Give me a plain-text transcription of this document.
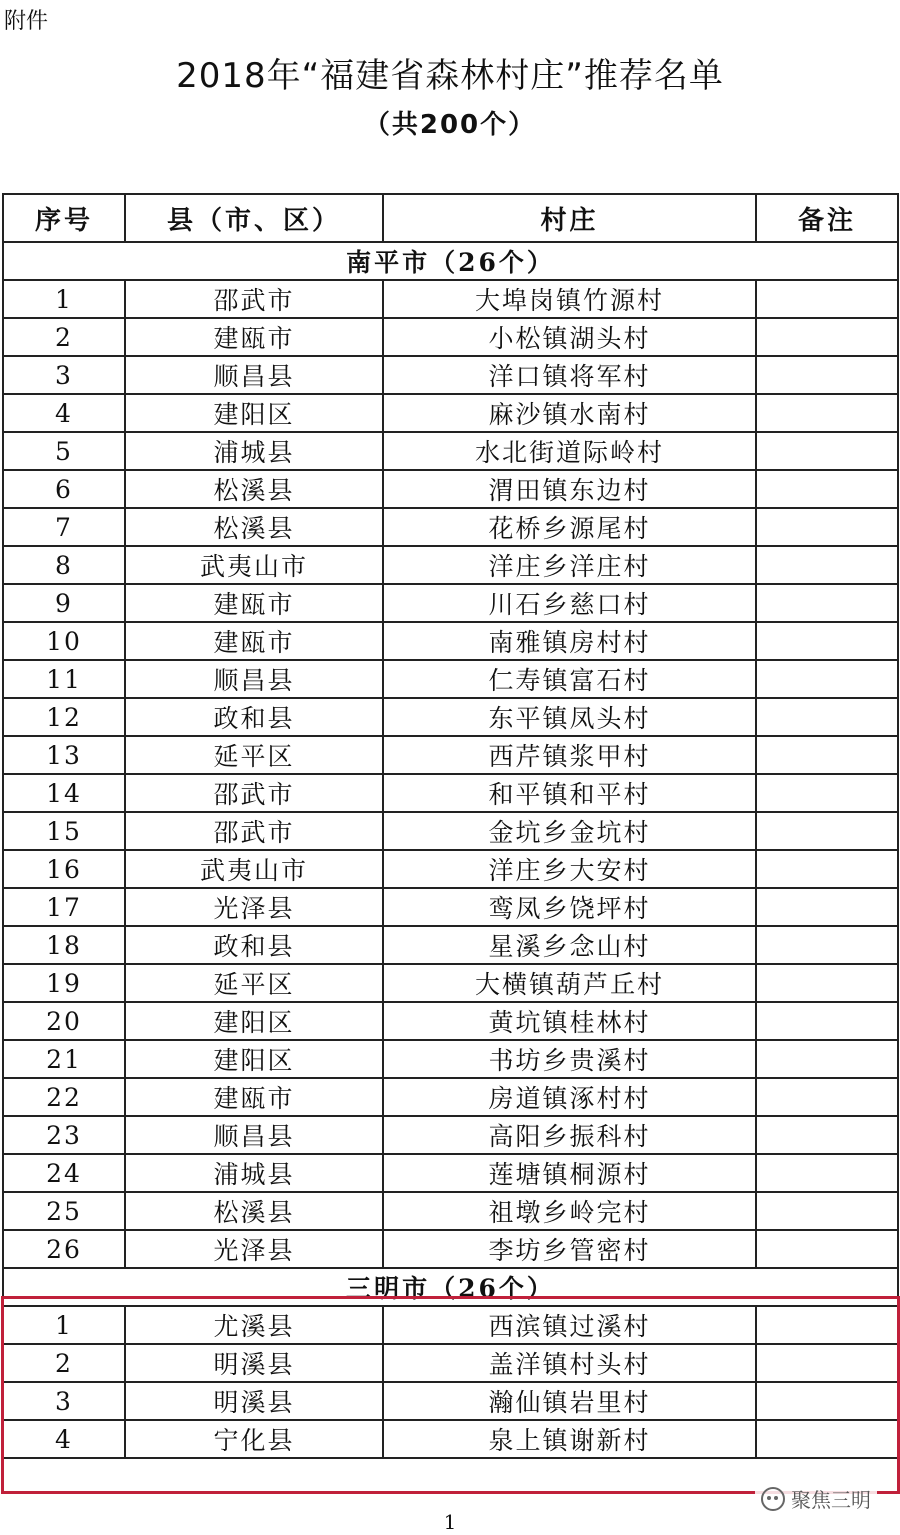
附件
2018年“福建省森林村庄”推荐名单
（共200个）
序号	县（市、区）	村庄	备注
南平市（26个）			
1	邵武市	大埠岗镇竹源村	
2	建瓯市	小松镇湖头村	
3	顺昌县	洋口镇将军村	
4	建阳区	麻沙镇水南村	
5	浦城县	水北街道际岭村	
6	松溪县	渭田镇东边村	
7	松溪县	花桥乡源尾村	
8	武夷山市	洋庄乡洋庄村	
9	建瓯市	川石乡慈口村	
10	建瓯市	南雅镇房村村	
11	顺昌县	仁寿镇富石村	
12	政和县	东平镇凤头村	
13	延平区	西芹镇浆甲村	
14	邵武市	和平镇和平村	
15	邵武市	金坑乡金坑村	
16	武夷山市	洋庄乡大安村	
17	光泽县	鸾凤乡饶坪村	
18	政和县	星溪乡念山村	
19	延平区	大横镇葫芦丘村	
20	建阳区	黄坑镇桂林村	
21	建阳区	书坊乡贵溪村	
22	建瓯市	房道镇涿村村	
23	顺昌县	高阳乡振科村	
24	浦城县	莲塘镇桐源村	
25	松溪县	祖墩乡岭完村	
26	光泽县	李坊乡管密村	
三明市（26个）			
1	尤溪县	西滨镇过溪村	
2	明溪县	盖洋镇村头村	
3	明溪县	瀚仙镇岩里村	
4	宁化县	泉上镇谢新村	
聚焦三明
1
